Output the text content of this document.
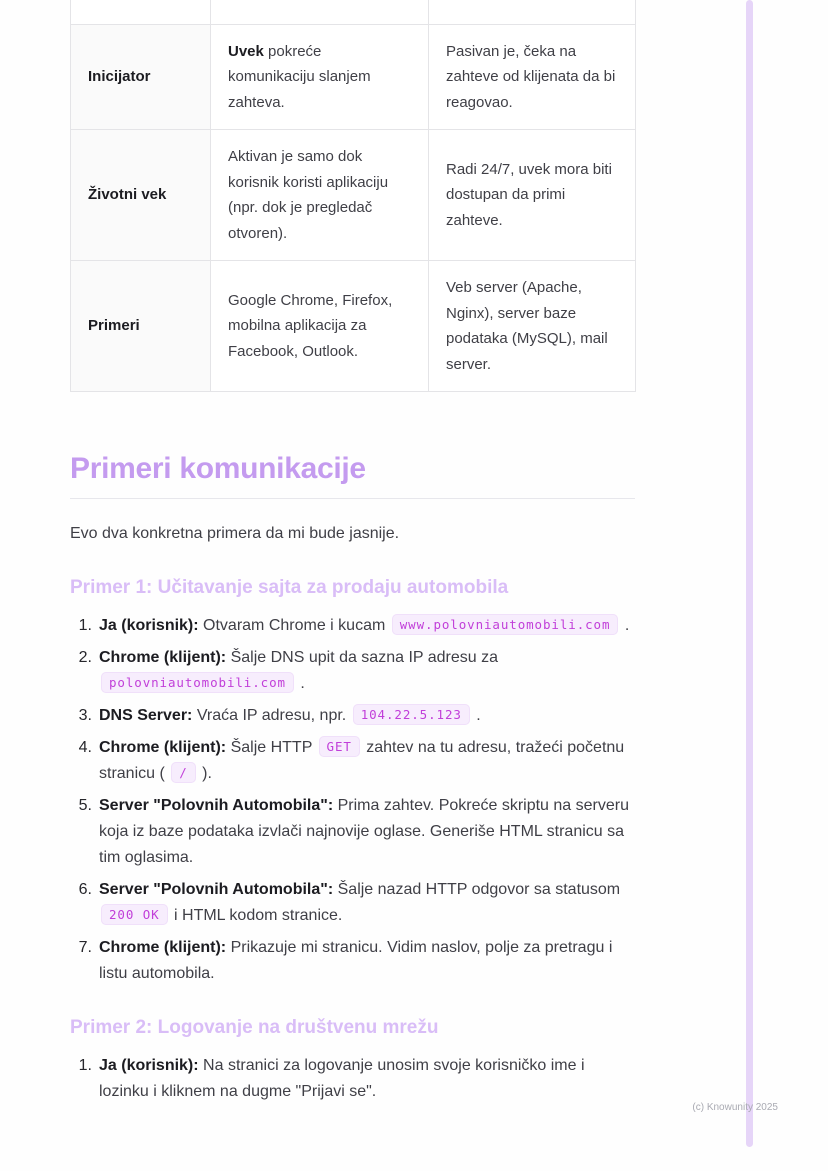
Inicijator	Uvek pokreće komunikaciju slanjem zahteva.	Pasivan je, čeka na zahteve od klijenata da bi reagovao.
Životni vek	Aktivan je samo dok korisnik koristi aplikaciju (npr. dok je pregledač otvoren).	Radi 24/7, uvek mora biti dostupan da primi zahteve.
Primeri	Google Chrome, Firefox, mobilna aplikacija za Facebook, Outlook.	Veb server (Apache, Nginx), server baze podataka (MySQL), mail server.
Primeri komunikacije

Evo dva konkretna primera da mi bude jasnije.

Primer 1: Učitavanje sajta za prodaju automobila
1. Ja (korisnik): Otvaram Chrome i kucam www.polovniautomobili.com .
2. Chrome (klijent): Šalje DNS upit da sazna IP adresu za polovniautomobili.com .
3. DNS Server: Vraća IP adresu, npr. 104.22.5.123 .
4. Chrome (klijent): Šalje HTTP GET zahtev na tu adresu, tražeći početnu stranicu ( / ).
5. Server "Polovnih Automobila": Prima zahtev. Pokreće skriptu na serveru koja iz baze podataka izvlači najnovije oglase. Generiše HTML stranicu sa tim oglasima.
6. Server "Polovnih Automobila": Šalje nazad HTTP odgovor sa statusom 200 OK i HTML kodom stranice.
7. Chrome (klijent): Prikazuje mi stranicu. Vidim naslov, polje za pretragu i listu automobila.
Primer 2: Logovanje na društvenu mrežu
1. Ja (korisnik): Na stranici za logovanje unosim svoje korisničko ime i lozinku i kliknem na dugme "Prijavi se".
(c) Knowunity 2025
